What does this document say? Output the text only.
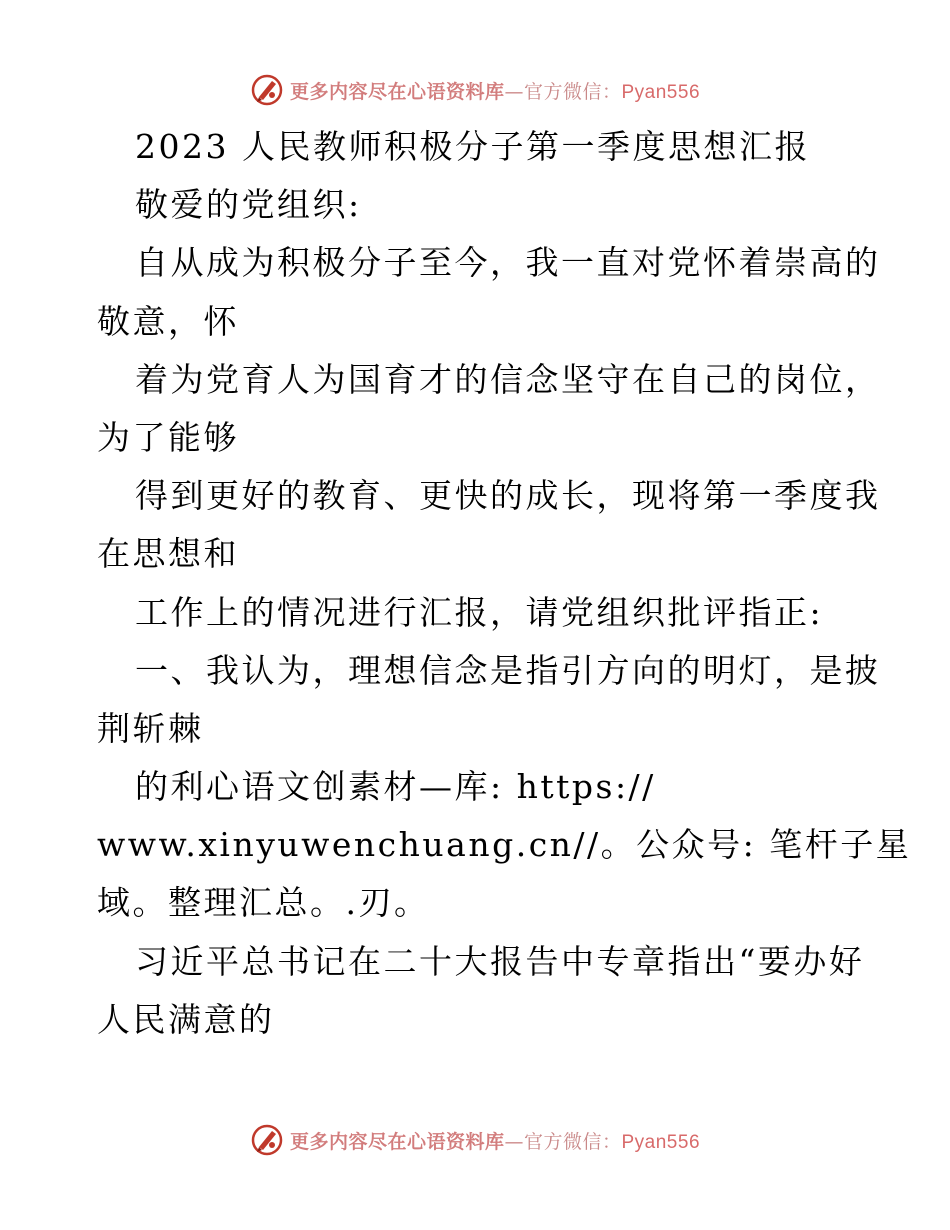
更多内容尽在心语资料库—官方微信：Pyan556
2023 人民教师积极分子第一季度思想汇报
敬爱的党组织:
自从成为积极分子至今，我一直对党怀着崇高的
敬意，怀
着为党育人为国育才的信念坚守在自己的岗位，
为了能够
得到更好的教育、更快的成长，现将第一季度我
在思想和
工作上的情况进行汇报，请党组织批评指正:
一、我认为，理想信念是指引方向的明灯，是披
荆斩棘
的利心语文创素材—库: https://
www.xinyuwenchuang.cn//。公众号: 笔杆子星
域。整理汇总。.刃。
习近平总书记在二十大报告中专章指出“要办好
人民满意的
更多内容尽在心语资料库—官方微信：Pyan556
